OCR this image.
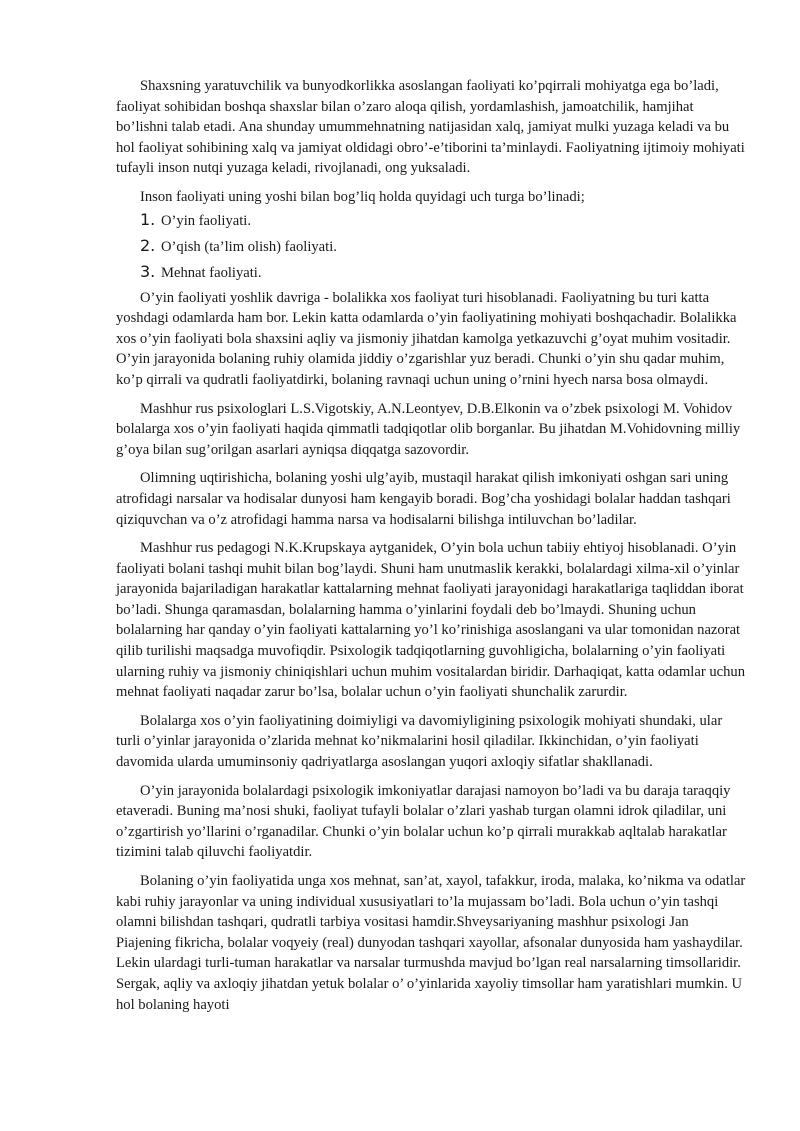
Shaxsning yaratuvchilik va bunyodkorlikka asoslangan faoliyati ko’pqirrali mohiyatga ega bo’ladi, faoliyat sohibidan boshqa shaxslar bilan o’zaro aloqa qilish, yordamlashish, jamoatchilik, hamjihat bo’lishni talab etadi. Ana shunday umummehnatning natijasidan xalq, jamiyat mulki yuzaga keladi va bu hol faoliyat sohibining xalq va jamiyat oldidagi obro’-e’tiborini ta’minlaydi. Faoliyatning ijtimoiy mohiyati tufayli inson nutqi yuzaga keladi, rivojlanadi, ong yuksaladi.

Inson faoliyati uning yoshi bilan bog’liq holda quyidagi uch turga bo’linadi;

1. O’yin faoliyati.
2. O’qish (ta’lim olish) faoliyati.
3. Mehnat faoliyati.

O’yin faoliyati yoshlik davriga - bolalikka xos faoliyat turi hisoblanadi. Faoliyatning bu turi katta yoshdagi odamlarda ham bor. Lekin katta odamlarda o’yin faoliyatining mohiyati boshqachadir. Bolalikka xos o’yin faoliyati bola shaxsini aqliy va jismoniy jihatdan kamolga yetkazuvchi g’oyat muhim vositadir. O’yin jarayonida bolaning ruhiy olamida jiddiy o’zgarishlar yuz beradi. Chunki o’yin shu qadar muhim, ko’p qirrali va qudratli faoliyatdirki, bolaning ravnaqi uchun uning o’rnini hyech narsa bosa olmaydi.

Mashhur rus psixologlari L.S.Vigotskiy, A.N.Leontyev, D.B.Elkonin va o’zbek psixologi M. Vohidov bolalarga xos o’yin faoliyati haqida qimmatli tadqiqotlar olib borganlar. Bu jihatdan M.Vohidovning milliy g’oya bilan sug’orilgan asarlari ayniqsa diqqatga sazovordir.

Olimning uqtirishicha, bolaning yoshi ulg’ayib, mustaqil harakat qilish imkoniyati oshgan sari uning atrofidagi narsalar va hodisalar dunyosi ham kengayib boradi. Bog’cha yoshidagi bolalar haddan tashqari qiziquvchan va o’z atrofidagi hamma narsa va hodisalarni bilishga intiluvchan bo’ladilar.

Mashhur rus pedagogi N.K.Krupskaya aytganidek, O’yin bola uchun tabiiy ehtiyoj hisoblanadi. O’yin faoliyati bolani tashqi muhit bilan bog’laydi. Shuni ham unutmaslik kerakki, bolalardagi xilma-xil o’yinlar jarayonida bajariladigan harakatlar kattalarning mehnat faoliyati jarayonidagi harakatlariga taqliddan iborat bo’ladi. Shunga qaramasdan, bolalarning hamma o’yinlarini foydali deb bo’lmaydi. Shuning uchun bolalarning har qanday o’yin faoliyati kattalarning yo’l ko’rinishiga asoslangani va ular tomonidan nazorat qilib turilishi maqsadga muvofiqdir. Psixologik tadqiqotlarning guvohligicha, bolalarning o’yin faoliyati ularning ruhiy va jismoniy chiniqishlari uchun muhim vositalardan biridir. Darhaqiqat, katta odamlar uchun mehnat faoliyati naqadar zarur bo’lsa, bolalar uchun o’yin faoliyati shunchalik zarurdir.

Bolalarga xos o’yin faoliyatining doimiyligi va davomiyligining psixologik mohiyati shundaki, ular turli o’yinlar jarayonida o’zlarida mehnat ko’nikmalarini hosil qiladilar. Ikkinchidan, o’yin faoliyati davomida ularda umuminsoniy qadriyatlarga asoslangan yuqori axloqiy sifatlar shakllanadi.

O’yin jarayonida bolalardagi psixologik imkoniyatlar darajasi namoyon bo’ladi va bu daraja taraqqiy etaveradi. Buning ma’nosi shuki, faoliyat tufayli bolalar o’zlari yashab turgan olamni idrok qiladilar, uni o’zgartirish yo’llarini o’rganadilar. Chunki o’yin bolalar uchun ko’p qirrali murakkab aqltalab harakatlar tizimini talab qiluvchi faoliyatdir.

Bolaning o’yin faoliyatida unga xos mehnat, san’at, xayol, tafakkur, iroda, malaka, ko’nikma va odatlar kabi ruhiy jarayonlar va uning individual xususiyatlari to’la mujassam bo’ladi. Bola uchun o’yin tashqi olamni bilishdan tashqari, qudratli tarbiya vositasi hamdir.Shveysariyaning mashhur psixologi Jan Piajening fikricha, bolalar voqyeiy (real) dunyodan tashqari xayollar, afsonalar dunyosida ham yashaydilar. Lekin ulardagi turli-tuman harakatlar va narsalar turmushda mavjud bo’lgan real narsalarning timsollaridir. Sergak, aqliy va axloqiy jihatdan yetuk bolalar o’ o’yinlarida xayoliy timsollar ham yaratishlari mumkin. U hol bolaning hayoti
